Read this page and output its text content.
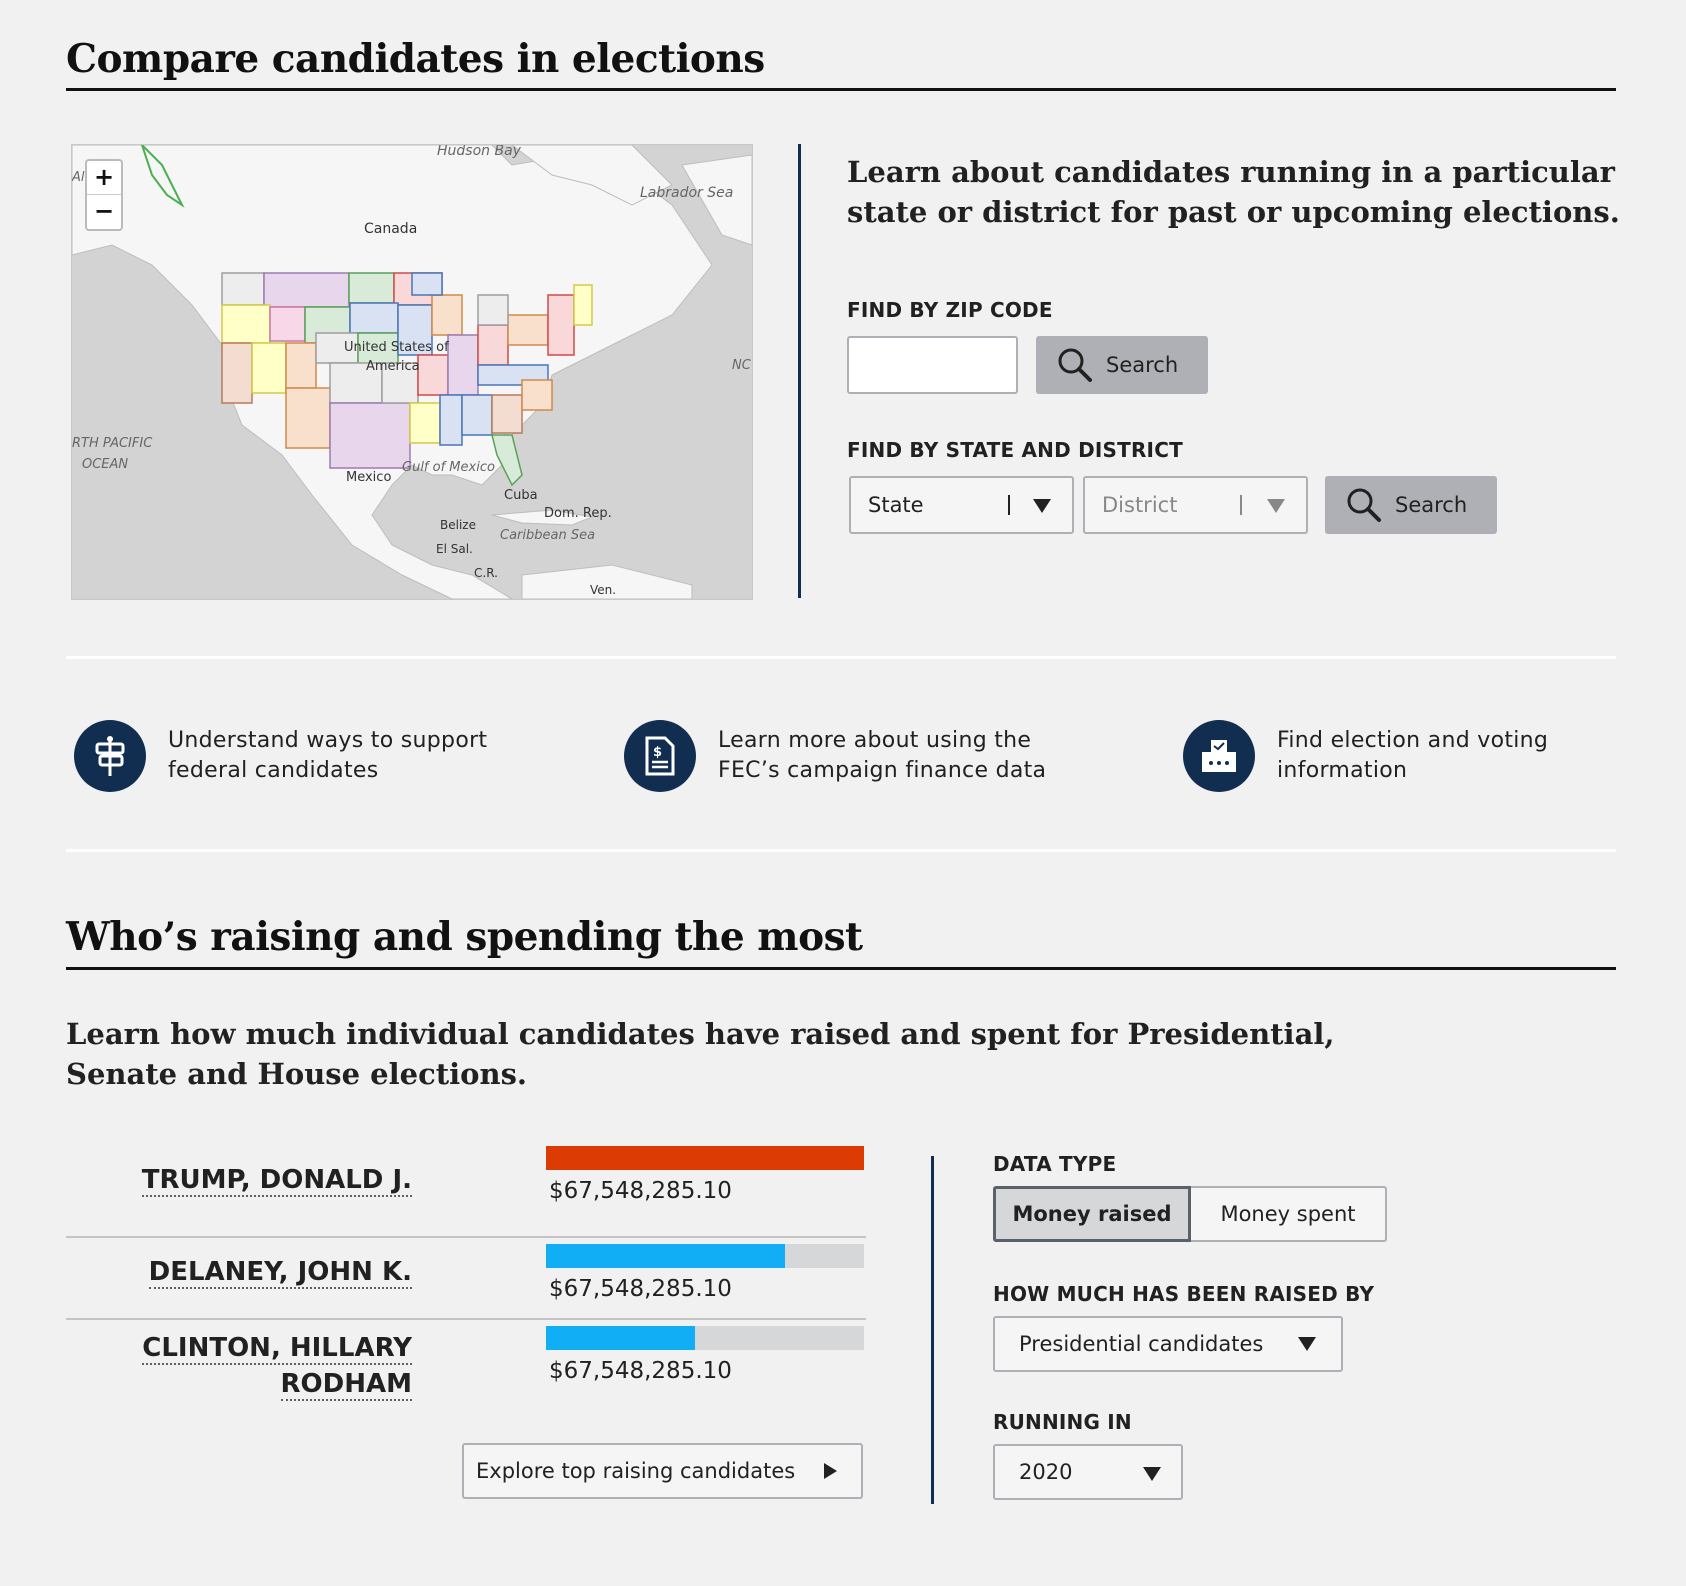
Compare candidates in elections
Hudson Bay
Labrador Sea
Canada
United States of
America
RTH PACIFIC
OCEAN	Gulf of Mexico
Mexico
Cuba
Dom. Rep.
Belize
Caribbean Sea
El Sal.
C.R.
Ven.
NC
Al +
−
Learn about candidates running in a particular state or district for past or upcoming elections.
FIND BY ZIP CODE
Search
FIND BY STATE AND DISTRICT
State	District	Search
Understand ways to support
federal candidates
$	Learn more about using the
FEC’s campaign finance data
Find election and voting
information
Who’s raising and spending the most
Learn how much individual candidates have raised and spent for Presidential,
Senate and House elections.
TRUMP, DONALD J.	$67,548,285.10
DELANEY, JOHN K.
$67,548,285.10
CLINTON, HILLARY
RODHAM	$67,548,285.10
Explore top raising candidates
DATA TYPE
Money raised	Money spent
HOW MUCH HAS BEEN RAISED BY
Presidential candidates
RUNNING IN
2020
